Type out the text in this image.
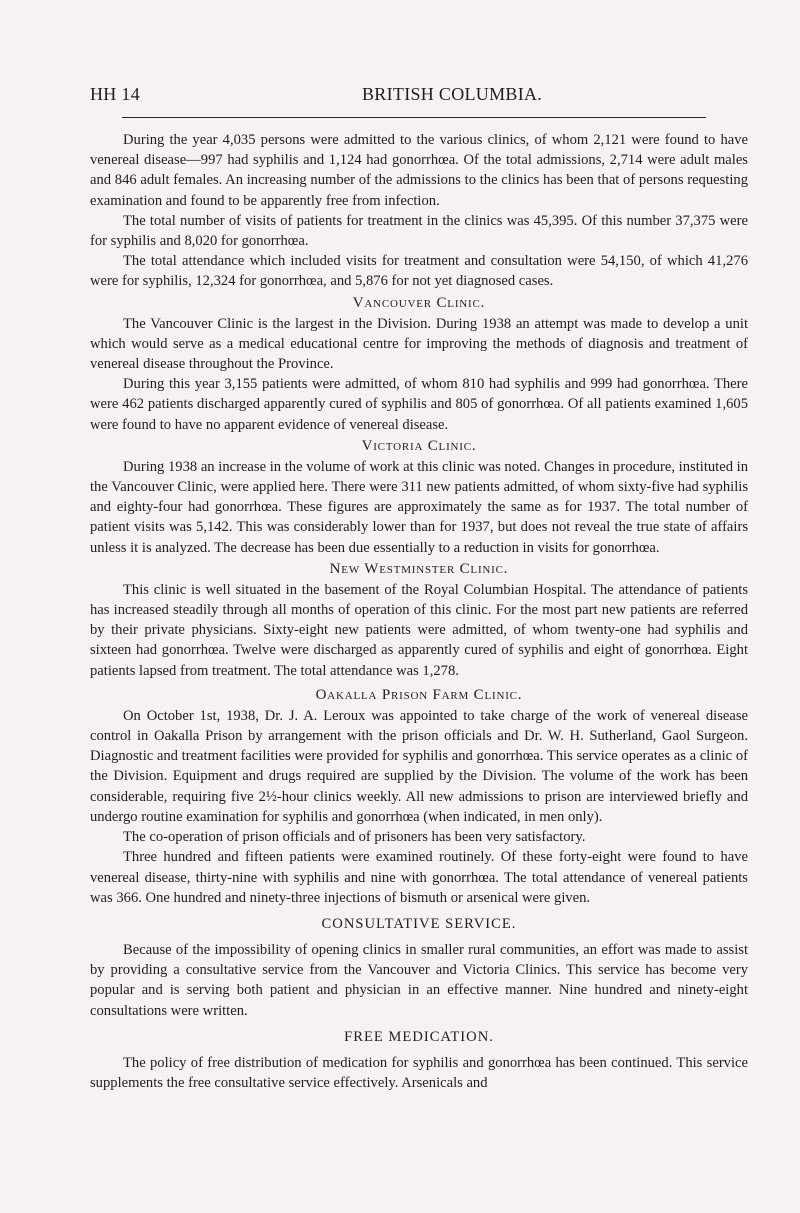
HH 14	BRITISH COLUMBIA.

During the year 4,035 persons were admitted to the various clinics, of whom 2,121 were found to have venereal disease—997 had syphilis and 1,124 had gonorrhœa. Of the total admissions, 2,714 were adult males and 846 adult females. An increasing number of the admissions to the clinics has been that of persons requesting examination and found to be apparently free from infection.

The total number of visits of patients for treatment in the clinics was 45,395. Of this number 37,375 were for syphilis and 8,020 for gonorrhœa.

The total attendance which included visits for treatment and consultation were 54,150, of which 41,276 were for syphilis, 12,324 for gonorrhœa, and 5,876 for not yet diagnosed cases.

Vancouver Clinic.

The Vancouver Clinic is the largest in the Division. During 1938 an attempt was made to develop a unit which would serve as a medical educational centre for improving the methods of diagnosis and treatment of venereal disease throughout the Province.

During this year 3,155 patients were admitted, of whom 810 had syphilis and 999 had gonorrhœa. There were 462 patients discharged apparently cured of syphilis and 805 of gonorrhœa. Of all patients examined 1,605 were found to have no apparent evidence of venereal disease.

Victoria Clinic.

During 1938 an increase in the volume of work at this clinic was noted. Changes in procedure, instituted in the Vancouver Clinic, were applied here. There were 311 new patients admitted, of whom sixty-five had syphilis and eighty-four had gonorrhœa. These figures are approximately the same as for 1937. The total number of patient visits was 5,142. This was considerably lower than for 1937, but does not reveal the true state of affairs unless it is analyzed. The decrease has been due essentially to a reduction in visits for gonorrhœa.

New Westminster Clinic.

This clinic is well situated in the basement of the Royal Columbian Hospital. The attendance of patients has increased steadily through all months of operation of this clinic. For the most part new patients are referred by their private physicians. Sixty-eight new patients were admitted, of whom twenty-one had syphilis and sixteen had gonorrhœa. Twelve were discharged as apparently cured of syphilis and eight of gonorrhœa. Eight patients lapsed from treatment. The total attendance was 1,278.

Oakalla Prison Farm Clinic.

On October 1st, 1938, Dr. J. A. Leroux was appointed to take charge of the work of venereal disease control in Oakalla Prison by arrangement with the prison officials and Dr. W. H. Sutherland, Gaol Surgeon. Diagnostic and treatment facilities were provided for syphilis and gonorrhœa. This service operates as a clinic of the Division. Equipment and drugs required are supplied by the Division. The volume of the work has been considerable, requiring five 2½-hour clinics weekly. All new admissions to prison are interviewed briefly and undergo routine examination for syphilis and gonorrhœa (when indicated, in men only).

The co-operation of prison officials and of prisoners has been very satisfactory.

Three hundred and fifteen patients were examined routinely. Of these forty-eight were found to have venereal disease, thirty-nine with syphilis and nine with gonorrhœa. The total attendance of venereal patients was 366. One hundred and ninety-three injections of bismuth or arsenical were given.

CONSULTATIVE SERVICE.

Because of the impossibility of opening clinics in smaller rural communities, an effort was made to assist by providing a consultative service from the Vancouver and Victoria Clinics. This service has become very popular and is serving both patient and physician in an effective manner. Nine hundred and ninety-eight consultations were written.

FREE MEDICATION.

The policy of free distribution of medication for syphilis and gonorrhœa has been continued. This service supplements the free consultative service effectively. Arsenicals and
